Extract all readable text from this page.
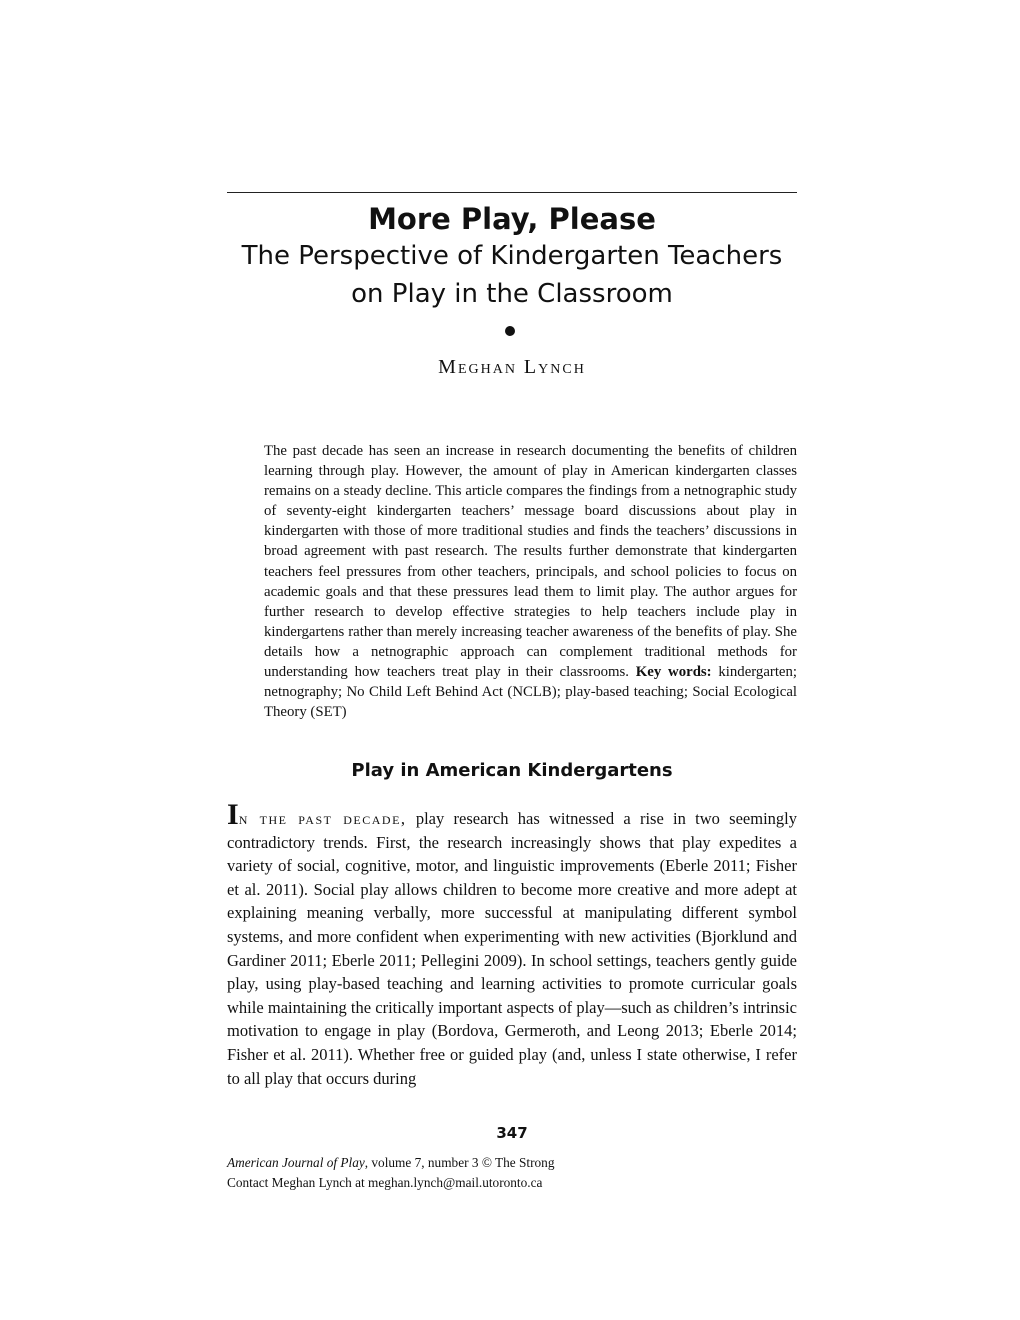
More Play, Please
The Perspective of Kindergarten Teachers on Play in the Classroom
Meghan Lynch

The past decade has seen an increase in research documenting the benefits of children learning through play. However, the amount of play in American kindergarten classes remains on a steady decline. This article compares the findings from a netnographic study of seventy-eight kindergarten teachers’ message board discussions about play in kindergarten with those of more traditional studies and finds the teachers’ discussions in broad agreement with past research. The results further demonstrate that kindergarten teachers feel pressures from other teachers, principals, and school policies to focus on academic goals and that these pressures lead them to limit play. The author argues for further research to develop effective strategies to help teachers include play in kindergartens rather than merely increasing teacher awareness of the benefits of play. She details how a netnographic approach can complement traditional methods for understanding how teachers treat play in their classrooms. Key words: kindergarten; netnography; No Child Left Behind Act (NCLB); play-based teaching; Social Ecological Theory (SET)

Play in American Kindergartens

In the past decade, play research has witnessed a rise in two seemingly contradictory trends. First, the research increasingly shows that play expedites a variety of social, cognitive, motor, and linguistic improvements (Eberle 2011; Fisher et al. 2011). Social play allows children to become more creative and more adept at explaining meaning verbally, more successful at manipulating different symbol systems, and more confident when experimenting with new activities (Bjorklund and Gardiner 2011; Eberle 2011; Pellegini 2009). In school settings, teachers gently guide play, using play-based teaching and learning activities to promote curricular goals while maintaining the critically important aspects of play—such as children’s intrinsic motivation to engage in play (Bordova, Germeroth, and Leong 2013; Eberle 2014; Fisher et al. 2011). Whether free or guided play (and, unless I state otherwise, I refer to all play that occurs during

347
American Journal of Play, volume 7, number 3 © The Strong
Contact Meghan Lynch at meghan.lynch@mail.utoronto.ca
